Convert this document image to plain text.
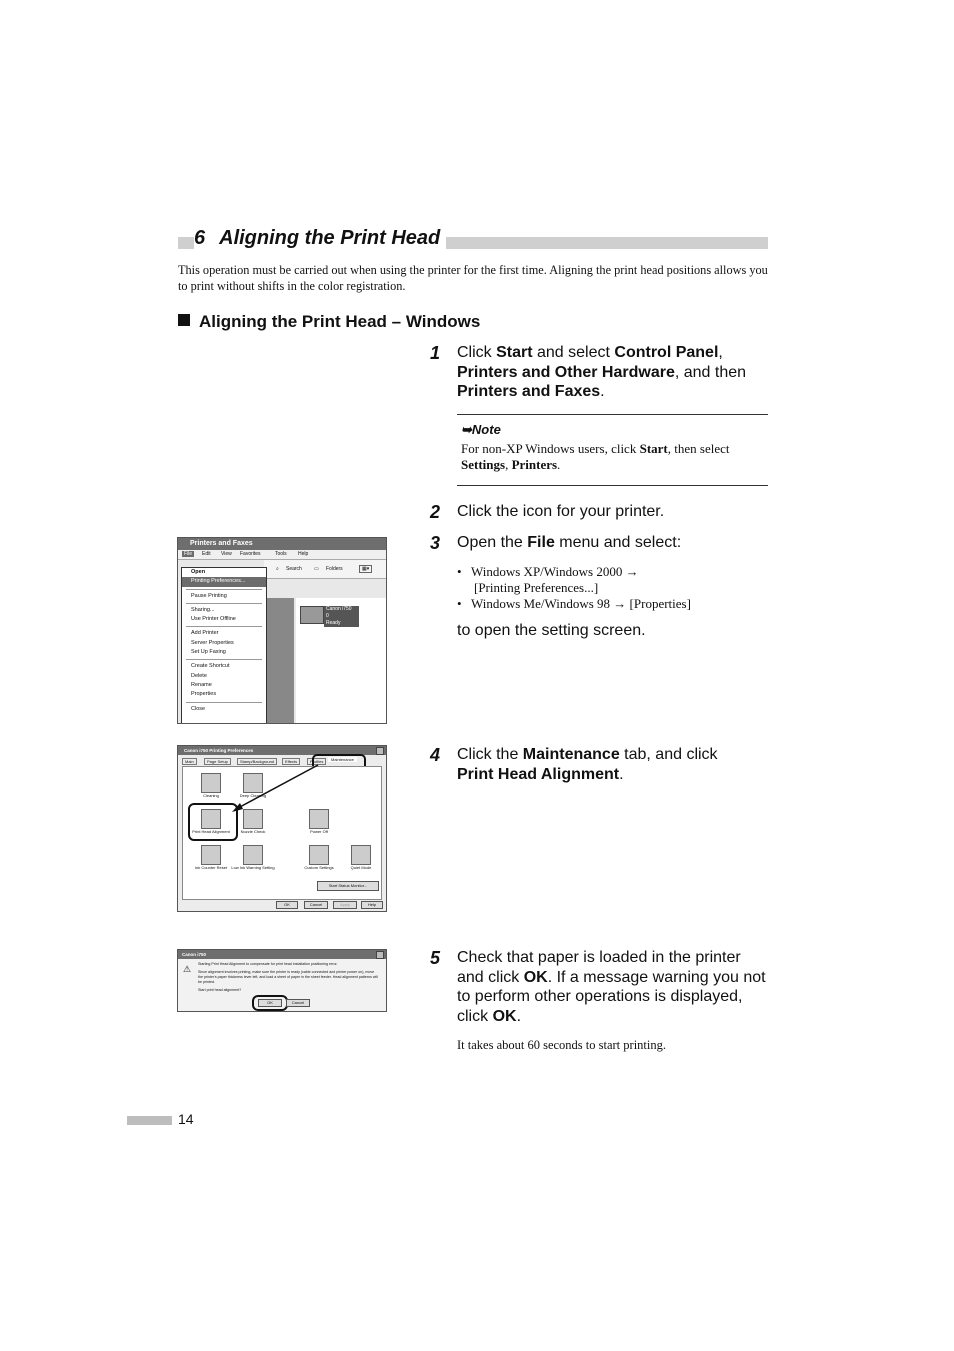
6 Aligning the Print Head
This operation must be carried out when using the printer for the first time. Aligning the print head positions allows you to print without shifts in the color registration.
Aligning the Print Head – Windows
1 Click Start and select Control Panel,
Printers and Other Hardware, and then Printers and Faxes.
➥Note
For non-XP Windows users, click Start, then select
Settings, Printers.
2 Click the icon for your printer.
3 Open the File menu and select:
• Windows XP/Windows 2000 →
[Printing Preferences...]
• Windows Me/Windows 98 → [Properties]
to open the setting screen.
4 Click the Maintenance tab, and click
Print Head Alignment.
5 Check that paper is loaded in the printer and click OK. If a message warning you not to perform other operations is displayed, click OK.
It takes about 60 seconds to start printing.
Printers and Faxes
File	Edit View Favorites	Tools Help
⌕ Search ▭ Folders	▦▾
Canon i750
0
Ready
Open
Printing Preferences...
Pause Printing
Sharing...
Use Printer Offline
Add Printer
Server Properties
Set Up Faxing
Create Shortcut
Delete
Rename
Properties
Close
Canon i750 Printing Preferences
Main	Page Setup	Stamp/Background	Effects	Profiles	Maintenance
Cleaning	Deep Cleaning
Print Head Alignment	Nozzle Check	Power Off
Ink Counter Reset	Low Ink Warning Setting	Custom Settings	Quiet Mode
Start Status Monitor...
OK	Cancel	Apply	Help
Canon i750
⚠ Starting Print Head Alignment to compensate for print head installation positioning error.
Since alignment involves printing, make sure the printer is ready (cable connected and printer power on), move the printer's paper thickness lever left, and load a sheet of paper in the sheet feeder. Head alignment patterns will be printed.
Start print head alignment?
OK	Cancel
14
